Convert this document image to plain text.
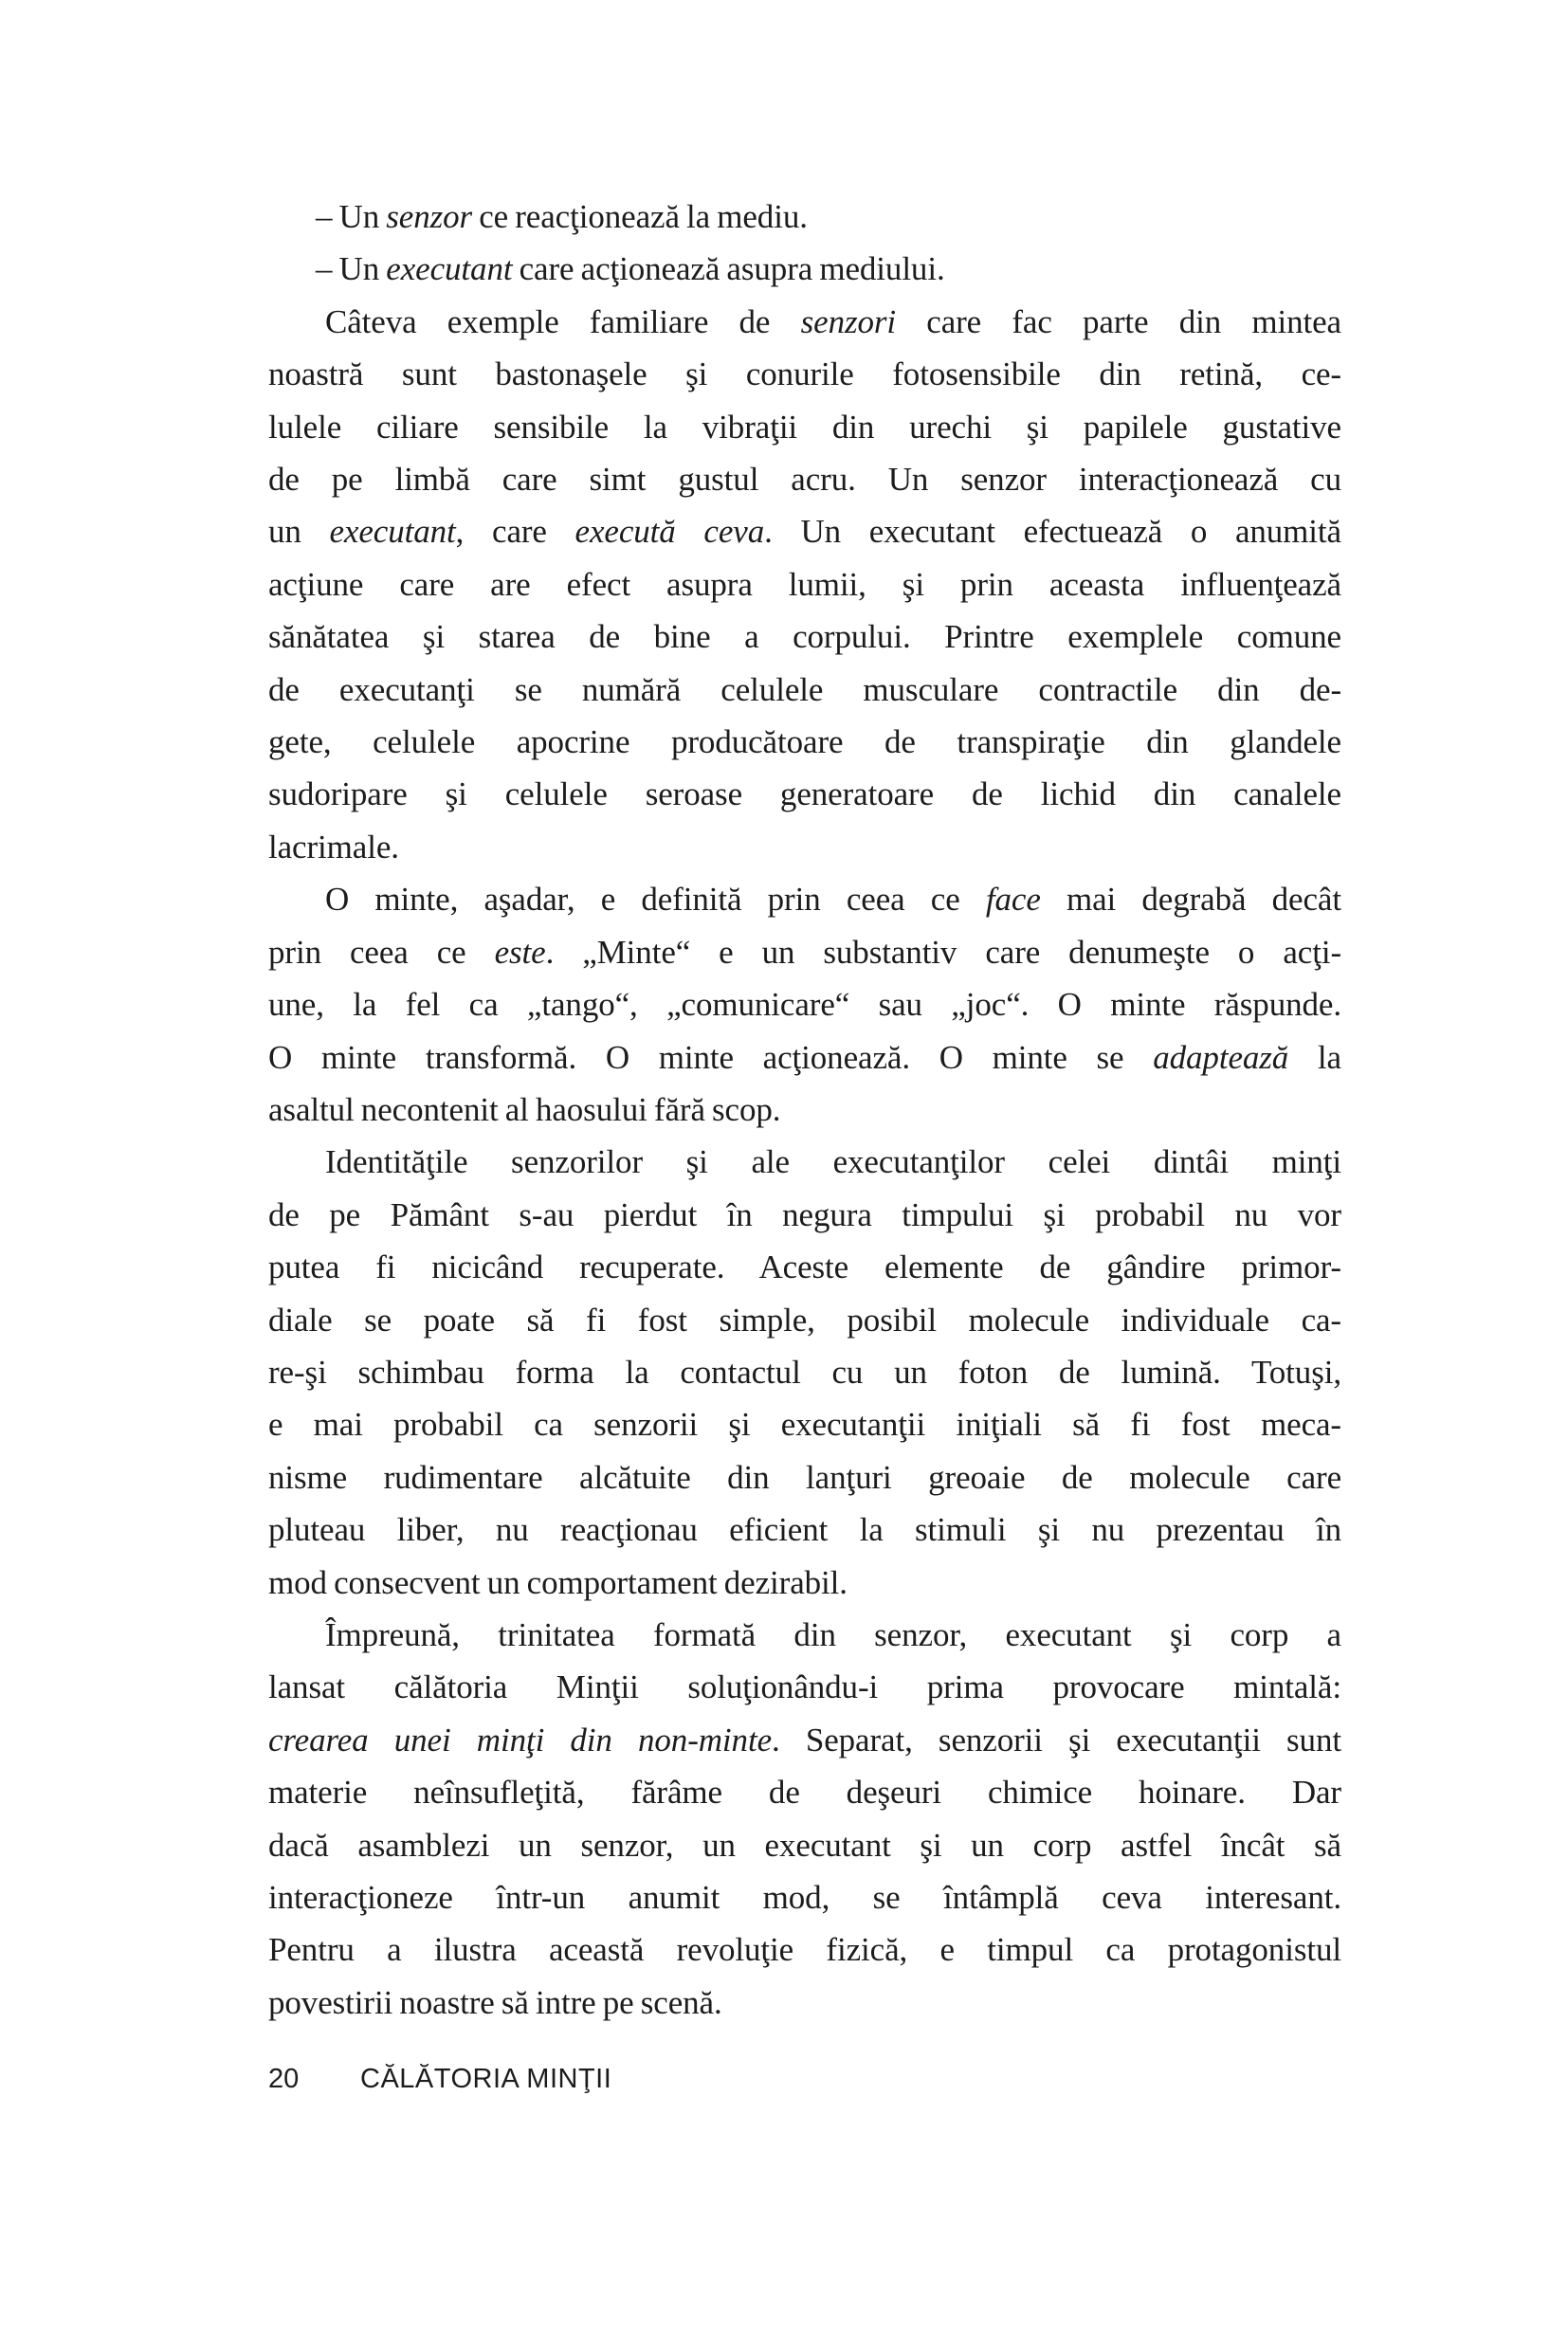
– Un senzor ce reacţionează la mediu.
– Un executant care acţionează asupra mediului.
Câteva exemple familiare de senzori care fac parte din mintea
noastră sunt bastonaşele şi conurile fotosensibile din retină, ce-
lulele ciliare sensibile la vibraţii din urechi şi papilele gustative
de pe limbă care simt gustul acru. Un senzor interacţionează cu
un executant, care execută ceva. Un executant efectuează o anumită
acţiune care are efect asupra lumii, şi prin aceasta influenţează
sănătatea şi starea de bine a corpului. Printre exemplele comune
de executanţi se numără celulele musculare contractile din de-
gete, celulele apocrine producătoare de transpiraţie din glandele
sudoripare şi celulele seroase generatoare de lichid din canalele
lacrimale.
O minte, aşadar, e definită prin ceea ce face mai degrabă decât
prin ceea ce este. „Minte“ e un substantiv care denumeşte o acţi-
une, la fel ca „tango“, „comunicare“ sau „joc“. O minte răspunde.
O minte transformă. O minte acţionează. O minte se adaptează la
asaltul necontenit al haosului fără scop.
Identităţile senzorilor şi ale executanţilor celei dintâi minţi
de pe Pământ s-au pierdut în negura timpului şi probabil nu vor
putea fi nicicând recuperate. Aceste elemente de gândire primor-
diale se poate să fi fost simple, posibil molecule individuale ca-
re-şi schimbau forma la contactul cu un foton de lumină. Totuşi,
e mai probabil ca senzorii şi executanţii iniţiali să fi fost meca-
nisme rudimentare alcătuite din lanţuri greoaie de molecule care
pluteau liber, nu reacţionau eficient la stimuli şi nu prezentau în
mod consecvent un comportament dezirabil.
Împreună, trinitatea formată din senzor, executant şi corp a
lansat călătoria Minţii soluţionându-i prima provocare mintală:
crearea unei minţi din non-minte. Separat, senzorii şi executanţii sunt
materie neînsufleţită, fărâme de deşeuri chimice hoinare. Dar
dacă asamblezi un senzor, un executant şi un corp astfel încât să
interacţioneze într-un anumit mod, se întâmplă ceva interesant.
Pentru a ilustra această revoluţie fizică, e timpul ca protagonistul
povestirii noastre să intre pe scenă.
20 CĂLĂTORIA MINŢII
